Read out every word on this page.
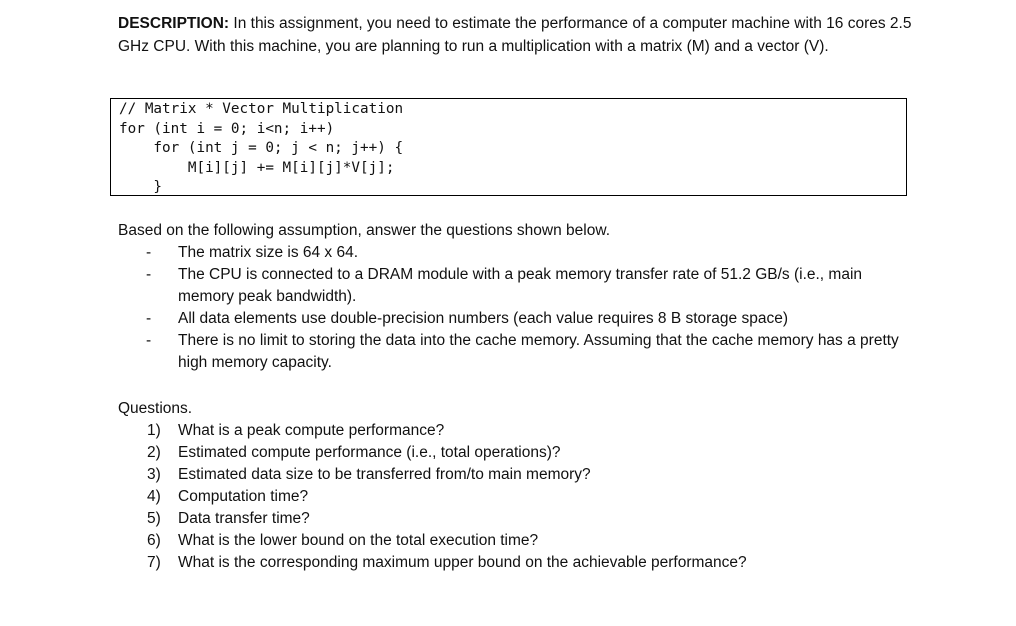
DESCRIPTION: In this assignment, you need to estimate the performance of a computer machine with 16 cores 2.5 GHz CPU. With this machine, you are planning to run a multiplication with a matrix (M) and a vector (V).

// Matrix * Vector Multiplication
for (int i = 0; i<n; i++)
for (int j = 0; j < n; j++) {
M[i][j] += M[i][j]*V[j];
}
Based on the following assumption, answer the questions shown below.
- The matrix size is 64 x 64.
- The CPU is connected to a DRAM module with a peak memory transfer rate of 51.2 GB/s (i.e., main memory peak bandwidth).
- All data elements use double-precision numbers (each value requires 8 B storage space)
- There is no limit to storing the data into the cache memory. Assuming that the cache memory has a pretty high memory capacity.
Questions.
1) What is a peak compute performance?
2) Estimated compute performance (i.e., total operations)?
3) Estimated data size to be transferred from/to main memory?
4) Computation time?
5) Data transfer time?
6) What is the lower bound on the total execution time?
7) What is the corresponding maximum upper bound on the achievable performance?
